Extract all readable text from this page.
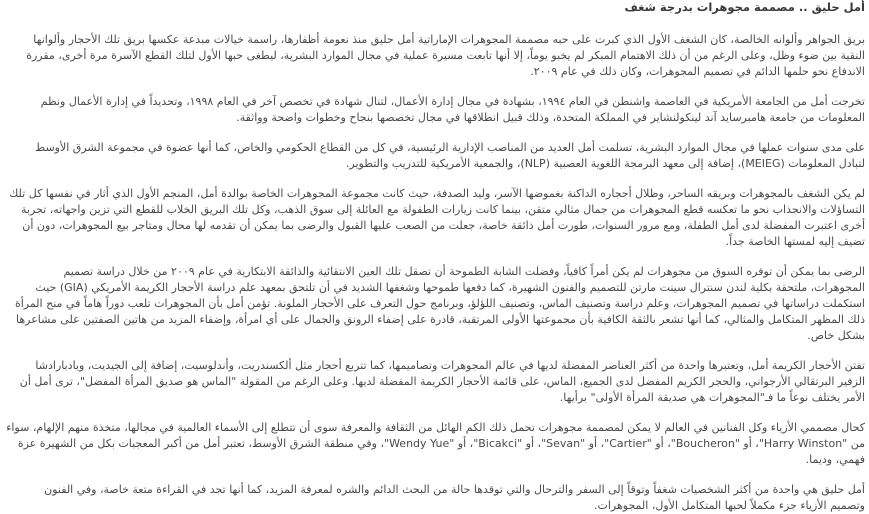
أمل حليق .. مصممة مجوهرات بدرجة شغف

بريق الجواهر وألوانه الخالصة، كان الشغف الأول الذي كبرت على حبه مصممة المجوهرات الإماراتية أمل حليق منذ نعومة أظفارها، راسمة خيالات مبدعة عكسها بريق تلك الأحجار وألوانها النقية بين ضوء وظل، وعلى الرغم من أن ذلك الاهتمام المبكر لم يخبو يوماً، إلا أنها تابعت مسيرة عملية في مجال الموارد البشرية، ليطغى حبها الأول لتلك القطع الآسرة مرة أخرى، مقررة الاندفاع نحو حلمها الدائم في تصميم المجوهرات، وكان ذلك في عام ٢٠٠٩.

تخرجت أمل من الجامعة الأمريكية في العاصمة واشنطن في العام ١٩٩٤، بشهادة في مجال إدارة الأعمال، لتنال شهادة في تخصص آخر في العام ١٩٩٨، وتحديداً في إدارة الأعمال ونظم المعلومات من جامعة هامبرسايد آند لينكولنشاير في المملكة المتحدة، وذلك قبيل انطلاقها في مجال تخصصها بنجاح وخطوات واضحة وواثقة.

على مدى سنوات عملها في مجال الموارد البشرية، تسلمت أمل العديد من المناصب الإدارية الرئيسية، في كل من القطاع الحكومي والخاص، كما أنها عضوة في مجموعة الشرق الأوسط لتبادل المعلومات (MEIEG)، إضافة إلى معهد البرمجة اللغوية العصبية (NLP)، والجمعية الأمريكية للتدريب والتطوير.

لم يكن الشغف بالمجوهرات وبريقه الساحر، وظلال أحجاره الداكنة بغموضها الآسر، وليد الصدفة، حيث كانت مجموعة المجوهرات الخاصة بوالدة أمل، المنجم الأول الذي أثار في نفسها كل تلك التساؤلات والانجذاب نحو ما تعكسه قطع المجوهرات من جمال مثالي متقن، بينما كانت زيارات الطفولة مع العائلة إلى سوق الذهب، وكل تلك البريق الخلاب للقطع التي تزين واجهاته، تجربة أخرى اعتبرت المفضلة لدى أمل الطفلة، ومع مرور السنوات، طورت أمل ذائقة خاصة، جعلت من الصعب عليها القبول والرضى بما يمكن أن تقدمه لها محال ومتاجر بيع المجوهرات، دون أن تضيف إليه لمستها الخاصة جداً.

الرضى بما يمكن أن توفره السوق من مجوهرات لم يكن أمراً كافياً، وفضلت الشابة الطموحة أن تصقل تلك العين الانتقائية والذائقة الابتكارية في عام ٢٠٠٩ من خلال دراسة تصميم المجوهرات، ملتحقة بكلية لندن سنترال سينت مارتن للتصميم والفنون الشهيرة، كما دفعها طموحها وشغفها الشديد في أن تلتحق بمعهد علم دراسة الأحجار الكريمة الأمريكي (GIA) حيث استكملت دراساتها في تصميم المجوهرات، وعلم دراسة وتصنيف الماس، وتصنيف اللؤلؤ، وبرنامج حول التعرف على الأحجار الملونة. تؤمن أمل بأن المجوهرات تلعب دوراً هاماً في منح المرأة ذلك المظهر المتكامل والمثالي، كما أنها تشعر بالثقة الكافية بأن مجموعتها الأولى المرتقبة، قادرة على إضفاء الرونق والجمال على أي امرأة، وإضفاء المزيد من هاتين الصفتين على مشاعرها بشكل خاص.

تفتن الأحجار الكريمة أمل، وتعتبرها واحدة من أكثر العناصر المفضلة لديها في عالم المجوهرات وتصاميمها، كما تتربع أحجار مثل ألكسندريت، وأندلوسيت، إضافة إلى الجيديت، وبادبارادشا الزفير البرتقالي الأرجواني، والحجر الكريم المفضل لدى الجميع، الماس، على قائمة الأحجار الكريمة المفضلة لديها. وعلى الرغم من المقولة "الماس هو صديق المرأة المفضل"، ترى أمل أن الأمر يختلف نوعاً ما فـ"المجوهرات هي صديقة المرأة الأولى" برأيها.

كحال مصممي الأزياء وكل الفنانين في العالم لا يمكن لمصممة مجوهرات تحمل ذلك الكم الهائل من الثقافة والمعرفة سوى أن تتطلع إلى الأسماء العالمية في مجالها، متخذة منهم الإلهام، سواء من "Harry Winston"، أو "Boucheron"، أو "Cartier"، أو "Sevan"، أو "Bicakci"، أو "Wendy Yue"، وفي منطقة الشرق الأوسط، تعتبر أمل من أكبر المعجبات بكل من الشهيرة عزة فهمي، وديما.

أمل حليق هي واحدة من أكثر الشخصيات شغفاً وتوقاً إلى السفر والترحال والتي توقدها حالة من البحث الدائم والشره لمعرفة المزيد، كما أنها تجد في القراءة متعة خاصة، وفي الفنون وتصميم الأزياء جزء مكملاً لحبها المتكامل الأول، المجوهرات.
